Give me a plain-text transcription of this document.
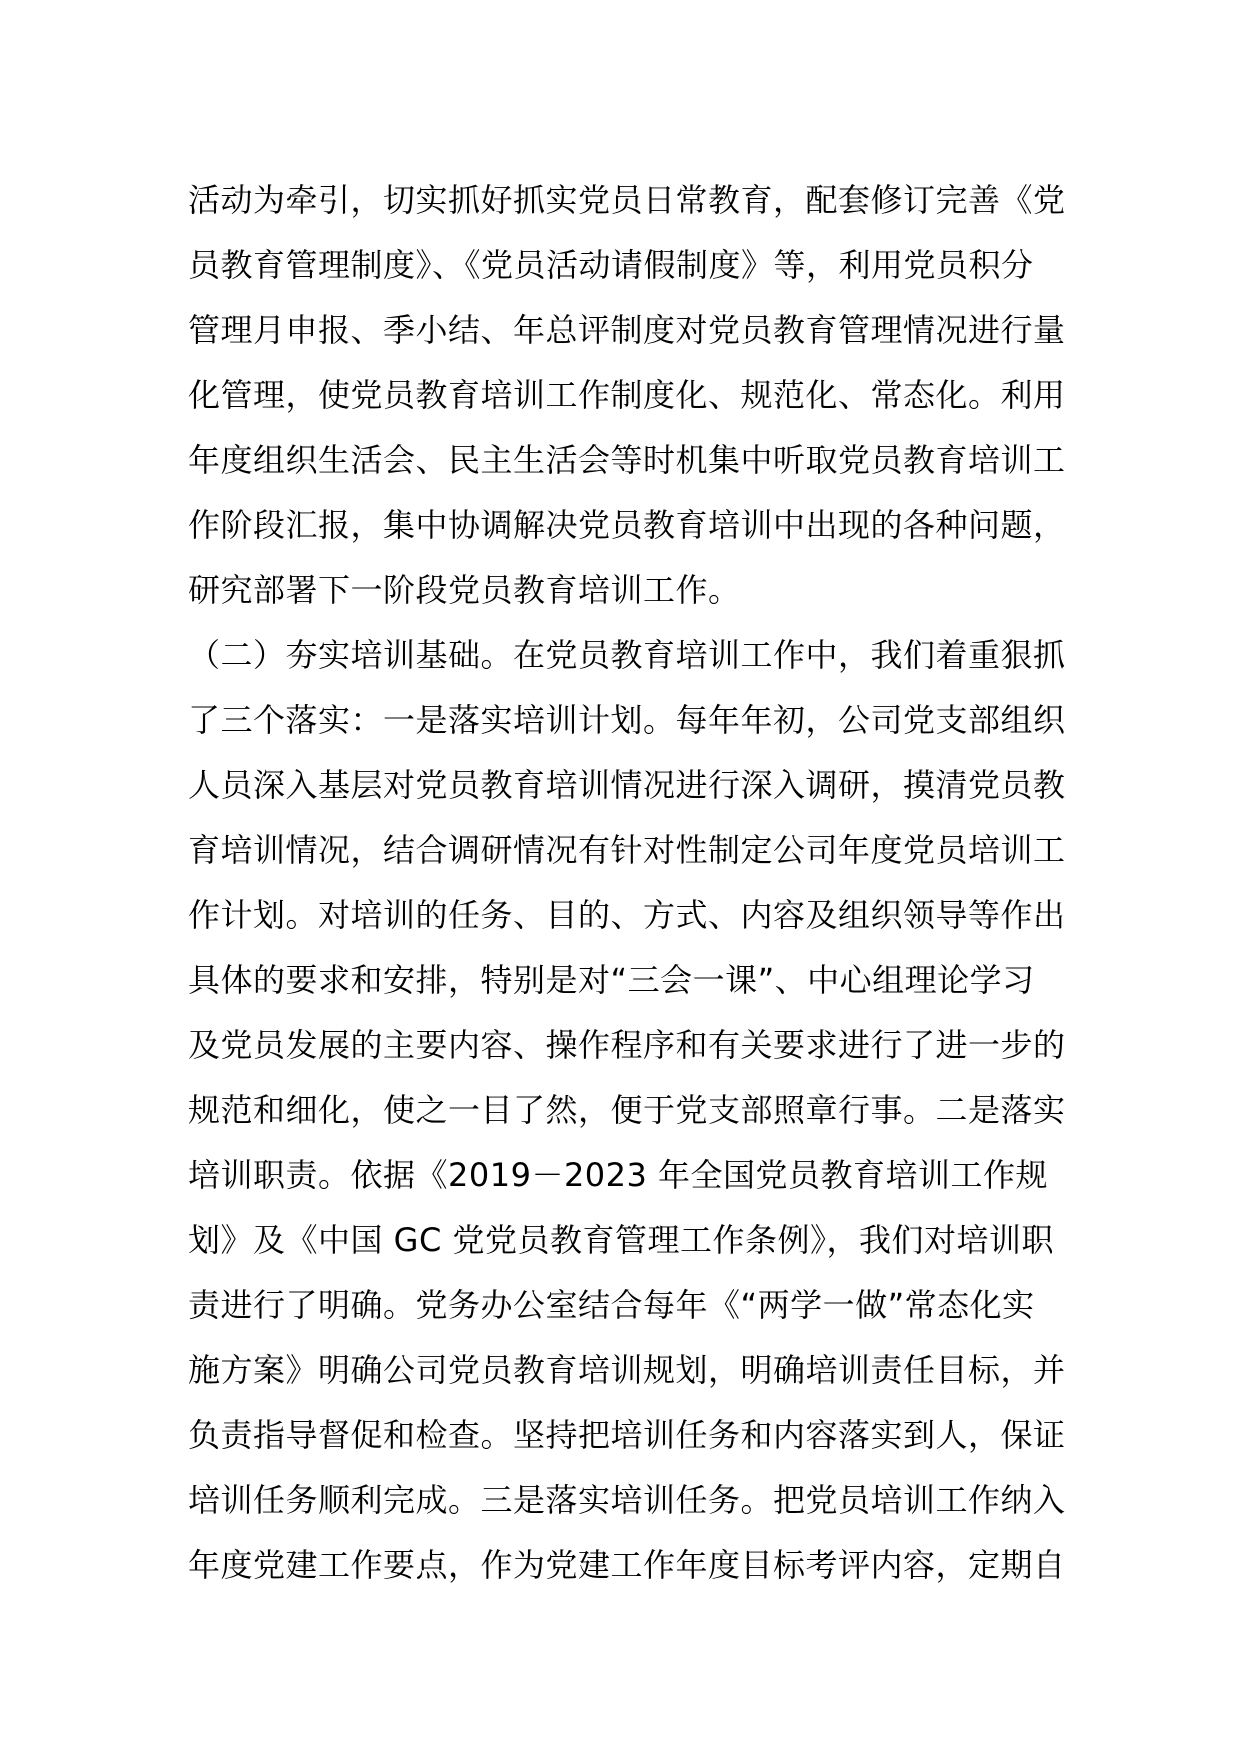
活动为牵引，切实抓好抓实党员日常教育，配套修订完善《党
员教育管理制度》、《党员活动请假制度》等，利用党员积分
管理月申报、季小结、年总评制度对党员教育管理情况进行量
化管理，使党员教育培训工作制度化、规范化、常态化。利用
年度组织生活会、民主生活会等时机集中听取党员教育培训工
作阶段汇报，集中协调解决党员教育培训中出现的各种问题，
研究部署下一阶段党员教育培训工作。
（二）夯实培训基础。在党员教育培训工作中，我们着重狠抓
了三个落实：一是落实培训计划。每年年初，公司党支部组织
人员深入基层对党员教育培训情况进行深入调研，摸清党员教
育培训情况，结合调研情况有针对性制定公司年度党员培训工
作计划。对培训的任务、目的、方式、内容及组织领导等作出
具体的要求和安排，特别是对“三会一课”、中心组理论学习
及党员发展的主要内容、操作程序和有关要求进行了进一步的
规范和细化，使之一目了然，便于党支部照章行事。二是落实
培训职责。依据《2019－2023 年全国党员教育培训工作规
划》及《中国 GC 党党员教育管理工作条例》，我们对培训职
责进行了明确。党务办公室结合每年《“两学一做”常态化实
施方案》明确公司党员教育培训规划，明确培训责任目标，并
负责指导督促和检查。坚持把培训任务和内容落实到人，保证
培训任务顺利完成。三是落实培训任务。把党员培训工作纳入
年度党建工作要点，作为党建工作年度目标考评内容，定期自
